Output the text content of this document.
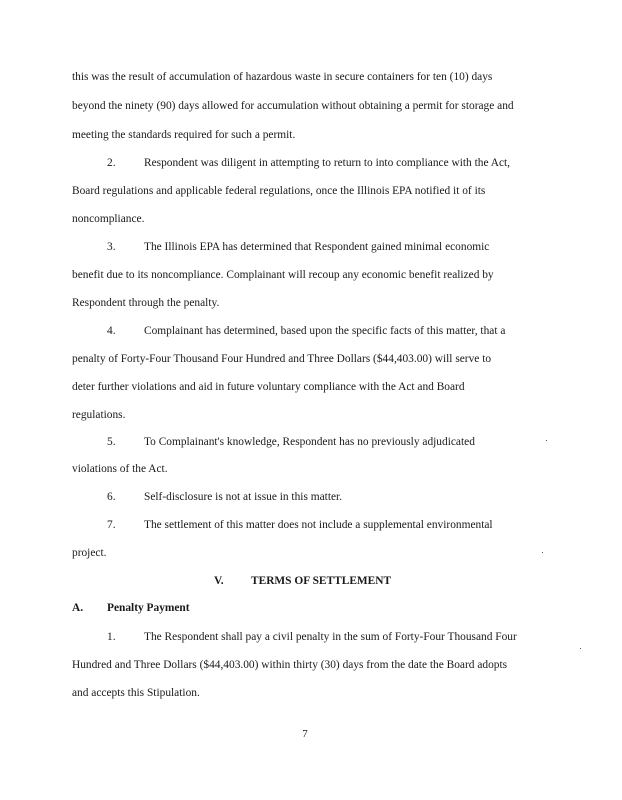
this was the result of accumulation of hazardous waste in secure containers for ten (10) days
beyond the ninety (90) days allowed for accumulation without obtaining a permit for storage and
meeting the standards required for such a permit.
2. Respondent was diligent in attempting to return to into compliance with the Act,
Board regulations and applicable federal regulations, once the Illinois EPA notified it of its
noncompliance.
3. The Illinois EPA has determined that Respondent gained minimal economic
benefit due to its noncompliance. Complainant will recoup any economic benefit realized by
Respondent through the penalty.
4. Complainant has determined, based upon the specific facts of this matter, that a
penalty of Forty-Four Thousand Four Hundred and Three Dollars ($44,403.00) will serve to
deter further violations and aid in future voluntary compliance with the Act and Board
regulations.
5. To Complainant's knowledge, Respondent has no previously adjudicated
violations of the Act.
6. Self-disclosure is not at issue in this matter.
7. The settlement of this matter does not include a supplemental environmental
project.
V. TERMS OF SETTLEMENT
A. Penalty Payment
1. The Respondent shall pay a civil penalty in the sum of Forty-Four Thousand Four
Hundred and Three Dollars ($44,403.00) within thirty (30) days from the date the Board adopts
and accepts this Stipulation.
7
